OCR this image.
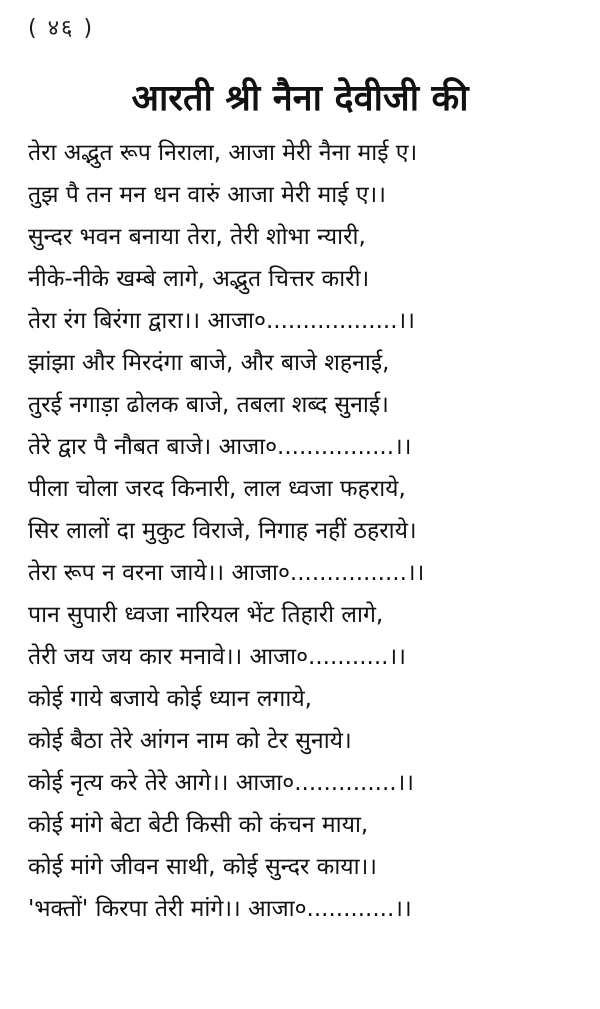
( ४६ )
आरती श्री नैना देवीजी की
तेरा अद्भुत रूप निराला, आजा मेरी नैना माई ए।
तुझ पै तन मन धन वारुं आजा मेरी माई ए।।
सुन्दर भवन बनाया तेरा, तेरी शोभा न्यारी,
नीके-नीके खम्बे लागे, अद्भुत चित्तर कारी।
तेरा रंग बिरंगा द्वारा।। आजा०..................।।
झांझा और मिरदंगा बाजे, और बाजे शहनाई,
तुरई नगाड़ा ढोलक बाजे, तबला शब्द सुनाई।
तेरे द्वार पै नौबत बाजे। आजा०................।।
पीला चोला जरद किनारी, लाल ध्वजा फहराये,
सिर लालों दा मुकुट विराजे, निगाह नहीं ठहराये।
तेरा रूप न वरना जाये।। आजा०................।।
पान सुपारी ध्वजा नारियल भेंट तिहारी लागे,
तेरी जय जय कार मनावे।। आजा०...........।।
कोई गाये बजाये कोई ध्यान लगाये,
कोई बैठा तेरे आंगन नाम को टेर सुनाये।
कोई नृत्य करे तेरे आगे।। आजा०..............।।
कोई मांगे बेटा बेटी किसी को कंचन माया,
कोई मांगे जीवन साथी, कोई सुन्दर काया।।
'भक्तों' किरपा तेरी मांगे।। आजा०............।।
